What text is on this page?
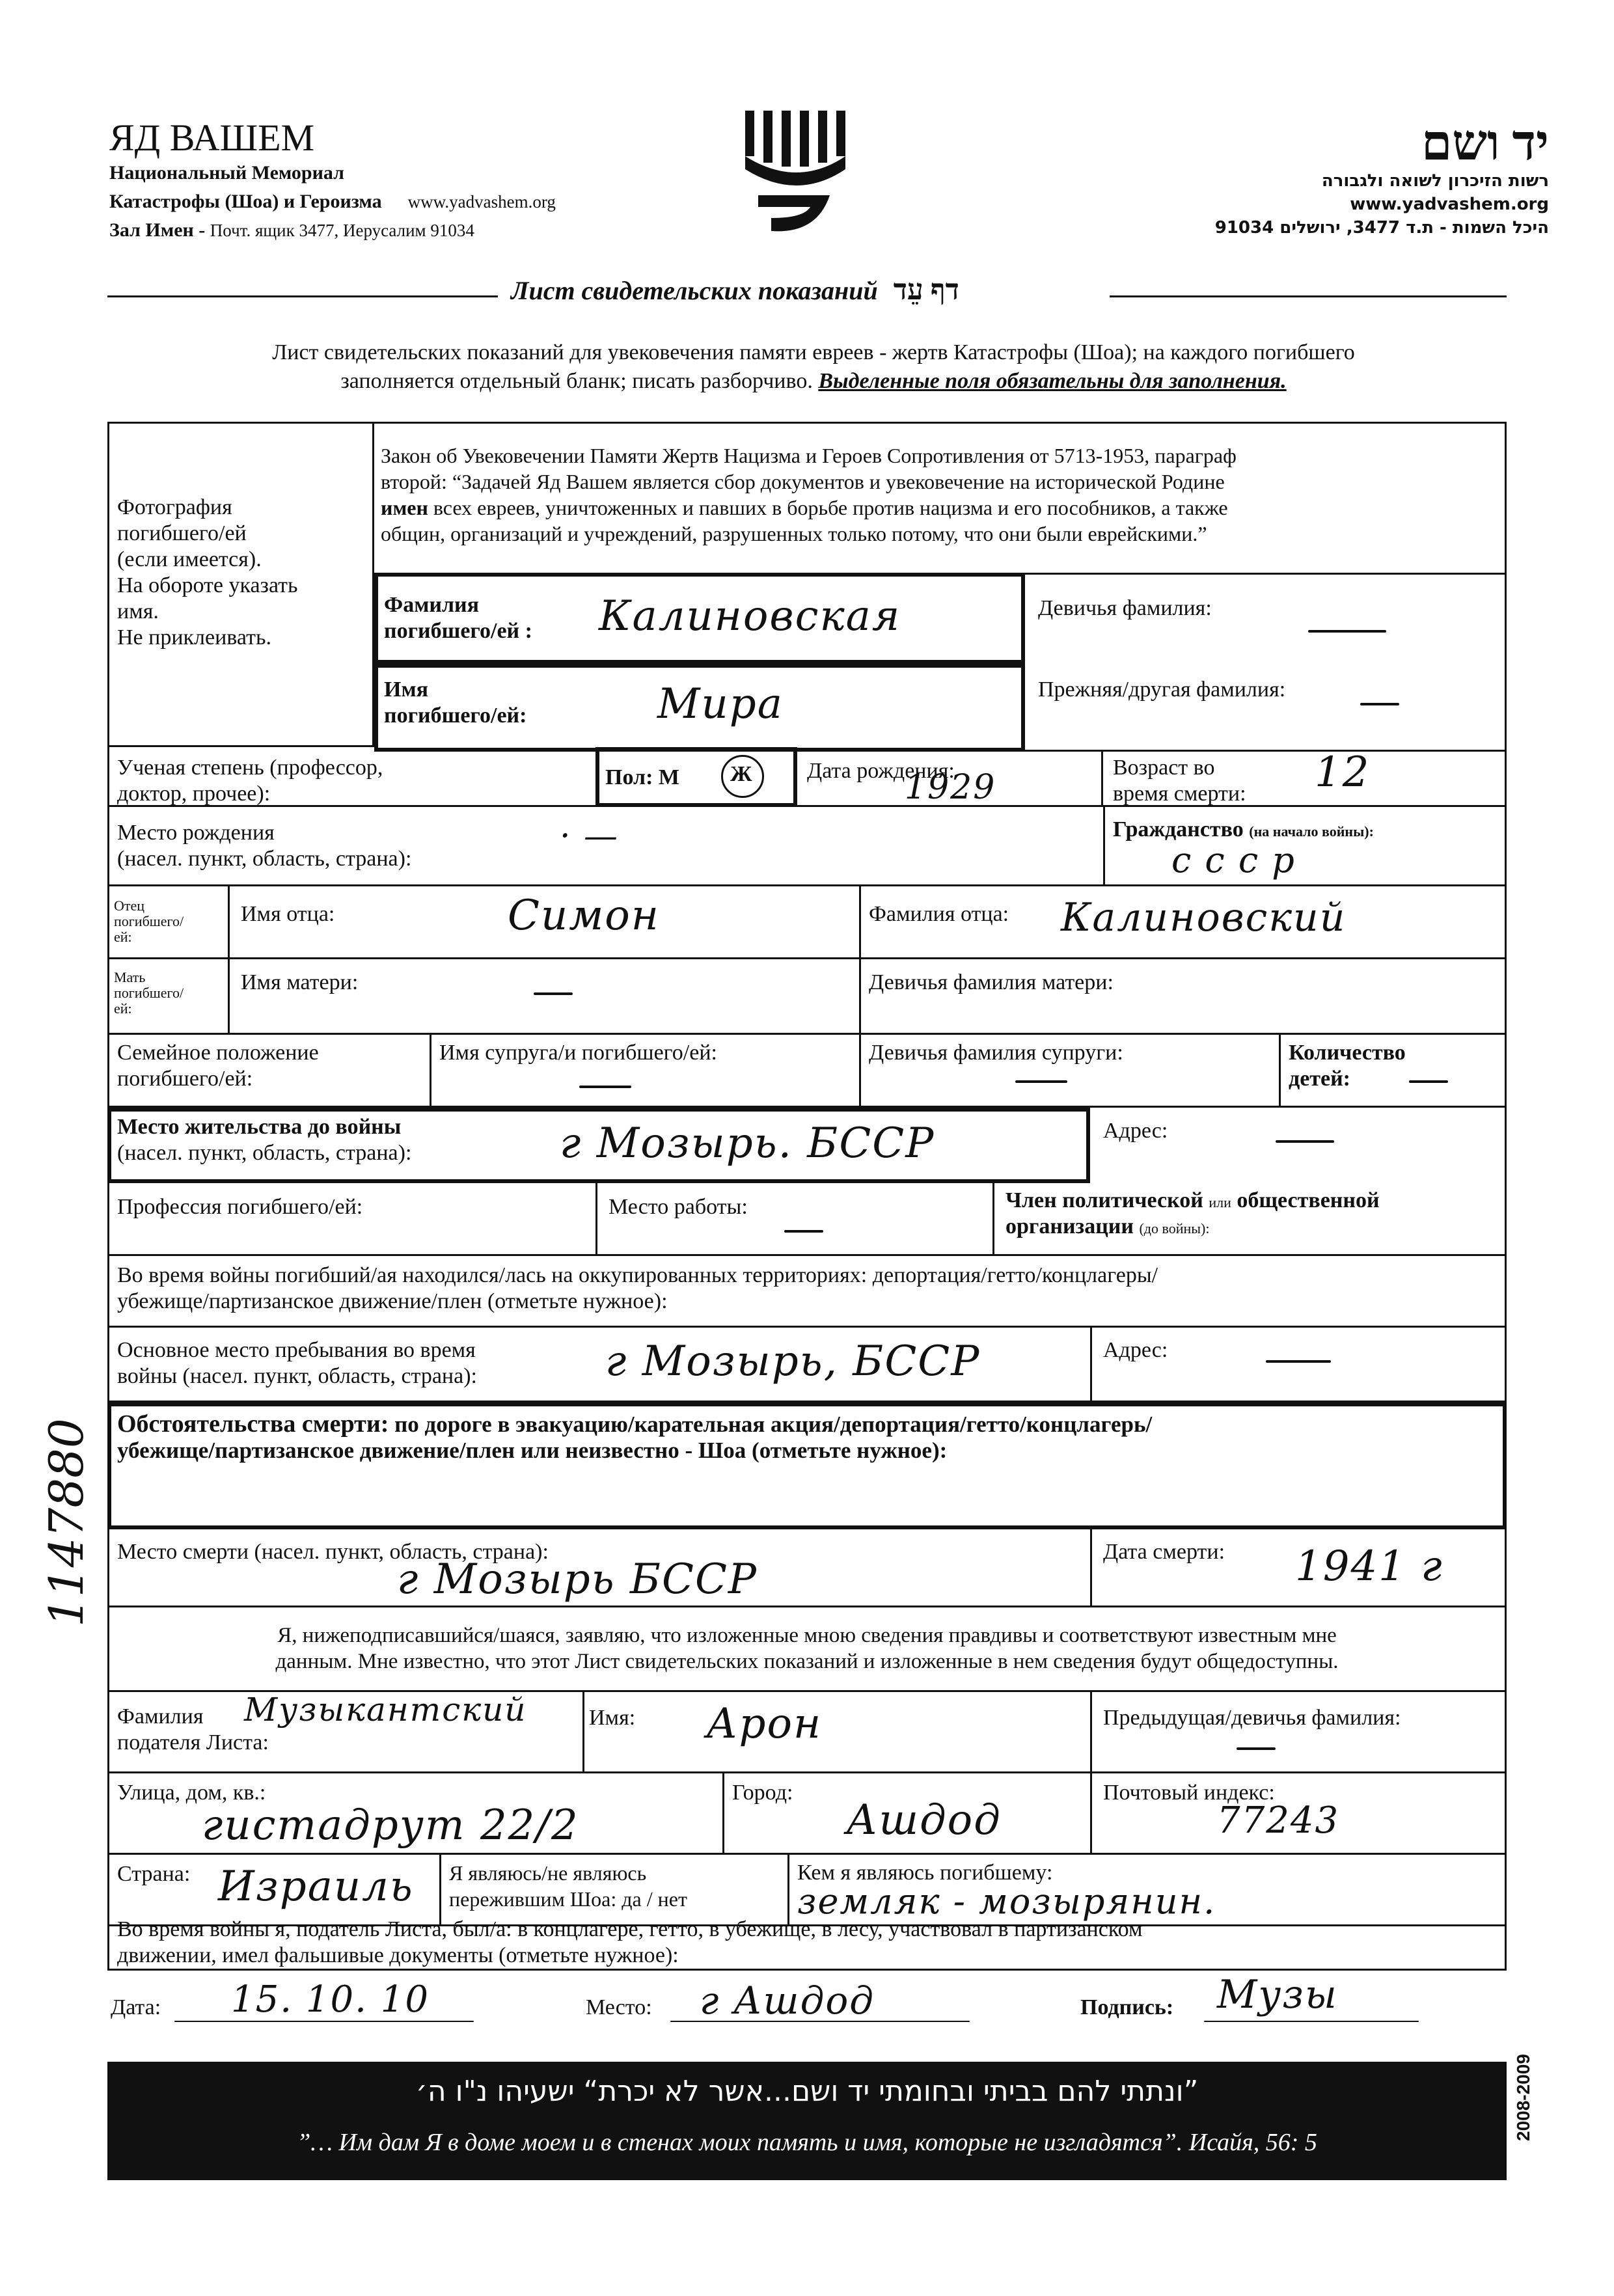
ЯД ВАШЕМ
Национальный Мемориал
Катастрофы (Шоа) и Героизма www.yadvashem.org
Зал Имен - Почт. ящик 3477, Иерусалим 91034
יד ושם
רשות הזיכרון לשואה ולגבורה
www.yadvashem.org
היכל השמות - ת.ד 3477, ירושלים 91034
Лист свидетельских показаний דף עֵד
Лист свидетельских показаний для увековечения памяти евреев - жертв Катастрофы (Шоа); на каждого погибшего
заполняется отдельный бланк; писать разборчиво. Выделенные поля обязательны для заполнения.
Фотография
погибшего/ей
(если имеется).
На обороте указать
имя.
Не приклеивать.
Закон об Увековечении Памяти Жертв Нацизма и Героев Сопротивления от 5713-1953, параграф
второй: “Задачей Яд Вашем является сбор документов и увековечение на исторической Родине
имен всех евреев, уничтоженных и павших в борьбе против нацизма и его пособников, а также
общин, организаций и учреждений, разрушенных только потому, что они были еврейскими.”
Фамилия
погибшего/ей : Калиновская	Девичья фамилия:
Имя
погибшего/ей:	Мира	Прежняя/другая фамилия:
Ученая степень (профессор,
доктор, прочее):
Пол: М Ж Дата рождения:
1929
Возраст во
время смерти: 12
Место рождения
(насел. пункт, область, страна):
· —	Гражданство (на начало войны):
с с с р
Отец
погибшего/
ей:
Имя отца:	Симон	Фамилия отца: Калиновский
Мать
погибшего/
ей:
Имя матери:	Девичья фамилия матери:
Семейное положение
погибшего/ей:
Имя супруга/и погибшего/ей:	Девичья фамилия супруги:	Количество
детей:
Место жительства до войны
(насел. пункт, область, страна):	г Мозырь. БССР	Адрес:
Профессия погибшего/ей:	Место работы:	Член политической или общественной
организации (до войны):
Во время войны погибший/ая находился/лась на оккупированных территориях: депортация/гетто/концлагеры/
убежище/партизанское движение/плен (отметьте нужное):
Основное место пребывания во время
войны (насел. пункт, область, страна):	г Мозырь, БССР	Адрес:
Обстоятельства смерти: по дороге в эвакуацию/карательная акция/депортация/гетто/концлагерь/
убежище/партизанское движение/плен или неизвестно - Шоа (отметьте нужное):
Место смерти (насел. пункт, область, страна):
г Мозырь БССР
Дата смерти: 1941 г
Я, нижеподписавшийся/шаяся, заявляю, что изложенные мною сведения правдивы и соответствуют известным мне
данным. Мне известно, что этот Лист свидетельских показаний и изложенные в нем сведения будут общедоступны.
Фамилия
подателя Листа:
Музыкантский	Имя: Арон	Предыдущая/девичья фамилия:
Улица, дом, кв.:
гистадрут 22/2
Город:
Ашдод
Почтовый индекс:
77243
Страна: Израиль Я являюсь/не являюсь
пережившим Шоа: да / нет
Кем я являюсь погибшему:
земляк - мозырянин.
Во время войны я, податель Листа, был/а: в концлагере, гетто, в убежище, в лесу, участвовал в партизанском
движении, имел фальшивые документы (отметьте нужное):
Дата: 15. 10. 10	Место: г Ашдод	Подпись: Музы
”ונתתי להם בביתי ובחומתי יד ושם...אשר לא יכרת“ ישעיהו נ"ו ה׳
”… Им дам Я в доме моем и в стенах моих память и имя, которые не изгладятся”. Исайя, 56: 5
2008-2009
1147880
